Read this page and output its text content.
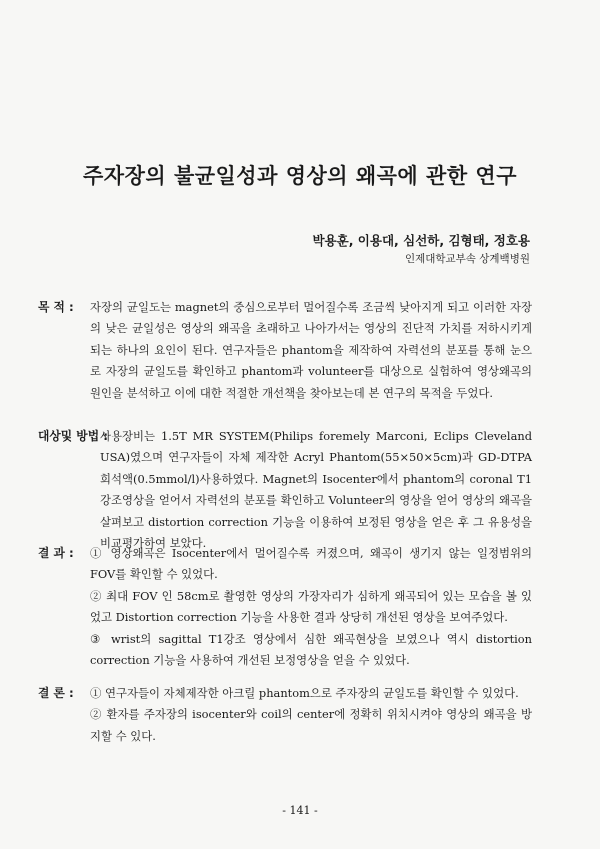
주자장의 불균일성과 영상의 왜곡에 관한 연구
박용훈, 이용대, 심선하, 김형태, 정호용
인제대학교부속 상계백병원
목 적 : 자장의 균일도는 magnet의 중심으로부터 멀어질수록 조금씩 낮아지게 되고 이러한 자장의 낮은 균일성은 영상의 왜곡을 초래하고 나아가서는 영상의 진단적 가치를 저하시키게 되는 하나의 요인이 된다. 연구자들은 phantom을 제작하여 자력선의 분포를 통해 눈으로 자장의 균일도를 확인하고 phantom과 volunteer를 대상으로 실험하여 영상왜곡의 원인을 분석하고 이에 대한 적절한 개선책을 찾아보는데 본 연구의 목적을 두었다.
대상및 방법 :
사용장비는 1.5T MR SYSTEM(Philips foremely Marconi, Eclips Cleveland USA)였으며 연구자들이 자체 제작한 Acryl Phantom(55×50×5cm)과 GD-DTPA 희석액(0.5mmol/l)사용하였다. Magnet의 Isocenter에서 phantom의 coronal T1 강조영상을 얻어서 자력선의 분포를 확인하고 Volunteer의 영상을 얻어 영상의 왜곡을 살펴보고 distortion correction 기능을 이용하여 보정된 영상을 얻은 후 그 유용성을 비교평가하여 보았다.
결 과 : ① 영상왜곡은 Isocenter에서 멀어질수록 커졌으며, 왜곡이 생기지 않는 일정범위의 FOV를 확인할 수 있었다.
② 최대 FOV 인 58cm로 촬영한 영상의 가장자리가 심하게 왜곡되어 있는 모습을 볼 있었고 Distortion correction 기능을 사용한 결과 상당히 개선된 영상을 보여주었다.
③ wrist의 sagittal T1강조 영상에서 심한 왜곡현상을 보였으나 역시 distortion correction 기능을 사용하여 개선된 보정영상을 얻을 수 있었다.
결 론 : ① 연구자들이 자체제작한 아크릴 phantom으로 주자장의 균일도를 확인할 수 있었다.
② 환자를 주자장의 isocenter와 coil의 center에 정확히 위치시켜야 영상의 왜곡을 방지할 수 있다.
- 141 -
